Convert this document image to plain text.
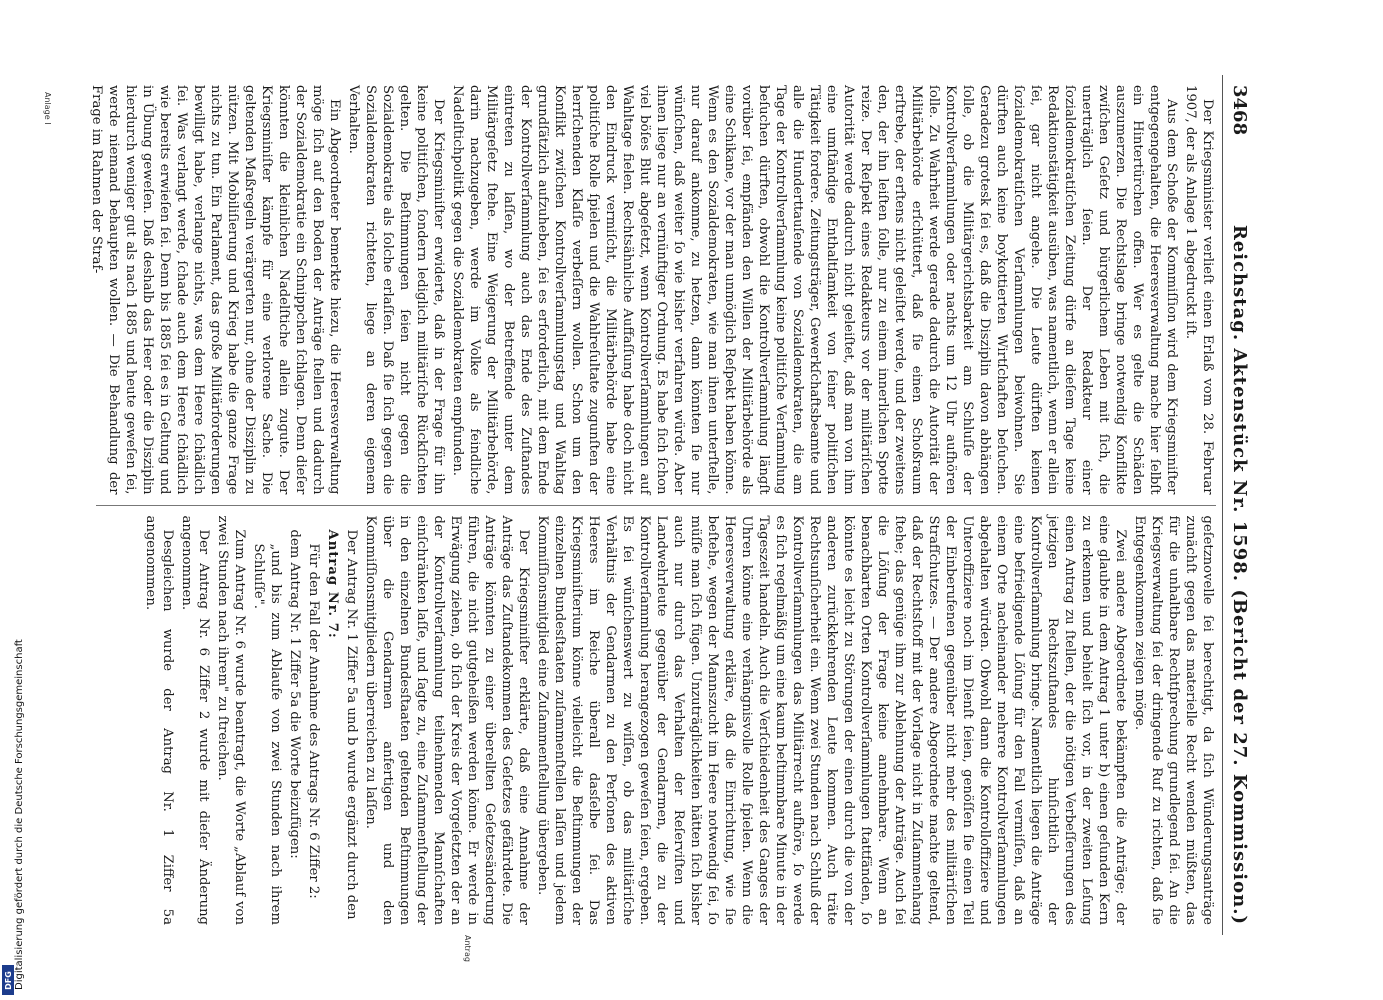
Digitalisierung gefördert durch die Deutsche Forschungsgemeinschaft
DFG
3468
Reichstag. Aktenstück Nr. 1598. (Bericht der 27. Kommission.)

Der Kriegsminister verlieſt einen Erlaß vom 28. Februar 1907, der als Anlage 1 abgedruckt iſt.

Aus dem Schoße der Kommiſſion wird dem Kriegsminiſter entgegengehalten, die Heeresverwaltung mache hier ſelbſt ein Hintertürchen offen. Wer es gelte die Schäden auszumerzen. Die Rechtslage bringe notwendig Konflikte zwiſchen Geſetz und bürgerlichem Leben mit ſich, die unerträglich ſeien. Der Redakteur einer ſozialdemokratiſchen Zeitung dürfe an dieſem Tage keine Redaktionstätigkeit ausüben, was namentlich, wenn er allein ſei, gar nicht angehe. Die Leute dürften keinen ſozialdemokratiſchen Verſammlungen beiwohnen. Sie dürften auch keine boykottierten Wirtſchaften beſuchen. Geradezu grotesk ſei es, daß die Disziplin davon abhängen ſolle, ob die Militärgerichtsbarkeit am Schluſſe der Kontrollverſammlungen oder nachts um 12 Uhr aufhören ſolle. Zu Wahrheit werde gerade dadurch die Autorität der Militärbehörde erſchüttert, daß ſie einen Schoßraum erſtrebe, der erſtens nicht geleiſtet werde, und der zweitens den, der ihn leiſten ſolle, nur zu einem innerlichen Spotte reize. Der Reſpekt eines Redakteurs vor der militäriſchen Autorität werde dadurch nicht geleiſtet, daß man von ihm eine umſtändige Enthaltſamkeit von ſeiner politiſchen Tätigkeit fordere. Zeitungsträger, Gewerkſchaftsbeamte und alle die Hunderttauſende von Sozialdemokraten, die am Tage der Kontrollverſammlung keine politiſche Verſammlung beſuchen dürften, obwohl die Kontrollverſammlung längſt vorüber ſei, empfänden den Willen der Militärbehörde als eine Schikane, vor der man unmöglich Reſpekt haben könne. Wenn es den Sozialdemokraten, wie man ihnen unterſtelle, nur darauf ankomme, zu hetzen, dann könnten ſie nur wünſchen, daß weiter ſo wie bisher verfahren würde. Aber ihnen liege nur an vernünftiger Ordnung. Es habe ſich ſchon viel böſes Blut abgeſetzt, wenn Kontrollverſammlungen auf Wahltage fielen. Rechtsähnliche Auffaſſung habe doch nicht den Eindruck vermiſcht, die Militärbehörde habe eine politiſche Rolle ſpielen und die Wahlreſultate zugunſten der herrſchenden Klaſſe verbeſſern wollen. Schon um den Konflikt zwiſchen Kontrollverſammlungstag und Wahltag grundſätzlich aufzuheben, ſei es erforderlich, mit dem Ende der Kontrollverſammlung auch das Ende des Zuſtandes eintreten zu laſſen, wo der Betreffende unter dem Militärgeſetz ſtehe. Eine Weigerung der Militärbehörde, darin nachzugeben, werde im Volke als feindliche Nadelſtichpolitik gegen die Sozialdemokraten empfunden.

Der Kriegsminiſter erwiderte, daß in der Frage für ihn keine politiſchen, ſondern lediglich militäriſche Rückſichten gelten. Die Beſtimmungen ſeien nicht gegen die Sozialdemokratie als ſolche erlaſſen. Daß ſie ſich gegen die Sozialdemokraten richteten, liege an deren eigenem Verhalten.

Ein Abgeordneter bemerkte hiezu, die Heeresverwaltung möge ſich auf den Boden der Anträge ſtellen und dadurch der Sozialdemokratie ein Schnippchen ſchlagen. Denn dieſer könnten die kleinlichen Nadelſtiche allein zugute. Der Kriegsminiſter kämpfe für eine verlorene Sache. Die geltenden Maßregeln verärgerten nur, ohne der Disziplin zu nützen. Mit Mobiliſierung und Krieg habe die ganze Frage nichts zu tun. Ein Parlament, das große Militärforderungen bewilligt habe, verlange nichts, was dem Heere ſchädlich ſei. Was verlangt werde, ſchade auch dem Heere ſchädlich wie bereits erwieſen ſei. Denn bis 1885 ſei es in Geltung und in Übung geweſen. Daß deshalb das Heer oder die Disziplin hierdurch weniger gut als nach 1885 und heute geweſen ſei, werde niemand behaupten wollen. — Die Behandlung der Frage im Rahmen der Straf-

geſetznovelle ſei berechtigt, da ſich Wünderungsanträge zunächſt gegen das materielle Recht wenden müßten, das für die unhaltbare Rechtſprechung grundlegend ſei. An die Kriegsverwaltung ſei der dringende Ruf zu richten, daß ſie Entgegenkommen zeigen möge.

Zwei andere Abgeordnete bekämpften die Anträge; der eine glaubte in dem Antrag 1 unter b) einen geſunden Kern zu erkennen und behielt ſich vor, in der zweiten Leſung einen Antrag zu ſtellen, der die nötigen Verbeſſerungen des jetzigen Rechtszuſtandes hinſichtlich der Kontrollverſammlung bringe. Namentlich liegen die Anträge eine befriedigende Löſung für den Fall vermiſſen, daß an einem Orte nacheinander mehrere Kontrollverſammlungen abgehalten würden. Obwohl dann die Kontrolloffiziere und Unteroffiziere noch im Dienſt ſeien, genöſſen ſie einen Teil der Einberufenen gegenüber nicht mehr des militäriſchen Strafſchutzes. — Der andere Abgeordnete machte geltend, daß der Rechtsſtoff mit der Vorlage nicht in Zuſammenhang ſtehe; das genüge ihm zur Ablehnung der Anträge. Auch ſei die Löſung der Frage keine annehmbare. Wenn an benachbarten Orten Kontrollverſammlungen ſtattfänden, ſo könnte es leicht zu Störungen der einen durch die von der anderen zurückkehrenden Leute kommen. Auch träte Rechtsunſicherheit ein. Wenn zwei Stunden nach Schluß der Kontrollverſammlungen das Militärrecht aufhöre, ſo werde es ſich regelmäßig um eine kaum beſtimmbare Minute in der Tageszeit handeln. Auch die Verſchiedenheit des Ganges der Uhren könne eine verhängnisvolle Rolle ſpielen. Wenn die Heeresverwaltung erkläre, daß die Einrichtung, wie ſie beſtehe, wegen der Mannszucht im Heere notwendig ſei, ſo müſſe man ſich fügen. Unzuträglichkeiten hätten ſich bisher auch nur durch das Verhalten der Reſerviſten und Landwehrleute gegenüber der Gendarmen, die zu der Kontrollverſammlung herangezogen geweſen ſeien, ergeben. Es ſei wünſchenswert zu wiſſen, ob das militäriſche Verhältnis der Gendarmen zu den Perſonen des aktiven Heeres im Reiche überall dasſelbe ſei. Das Kriegsminiſterium könne vielleicht die Beſtimmungen der einzelnen Bundesſtaaten zuſammenſtellen laſſen und jedem Kommiſſionsmitglied eine Zuſammenſtellung übergeben.

Der Kriegsminiſter erklärte, daß eine Annahme der Anträge das Zuſtandekommen des Geſetzes gefährdete. Die Anträge könnten zu einer überellten Geſetzesänderung führen, die nicht gutgeheißen werden könne. Er werde in Erwägung ziehen, ob ſich der Kreis der Vorgeſetzten der an der Kontrollverſammlung teilnehmenden Mannſchaften einſchränken laſſe, und ſagte zu, eine Zuſammenſtellung der in den einzelnen Bundesſtaaten geltenden Beſtimmungen über die Gendarmen anfertigen und den Kommiſſionsmitgliedern überreichen zu laſſen.

Der Antrag Nr. 1 Ziffer 5a und b wurde ergänzt durch den

Antrag Nr. 7:

Für den Fall der Annahme des Antrags Nr. 6 Ziffer 2:

dem Antrag Nr. 1 Ziffer 5a die Worte beizufügen:

„und bis zum Ablaufe von zwei Stunden nach ihrem Schluſſe".

Zum Antrag Nr. 6 wurde beantragt, die Worte „Ablauf von zwei Stunden nach ihrem" zu ſtreichen.

Der Antrag Nr. 6 Ziffer 2 wurde mit dieſer Änderung angenommen.

Desgleichen wurde der Antrag Nr. 1 Ziffer 5a angenommen.

Anlage I
Antrag
